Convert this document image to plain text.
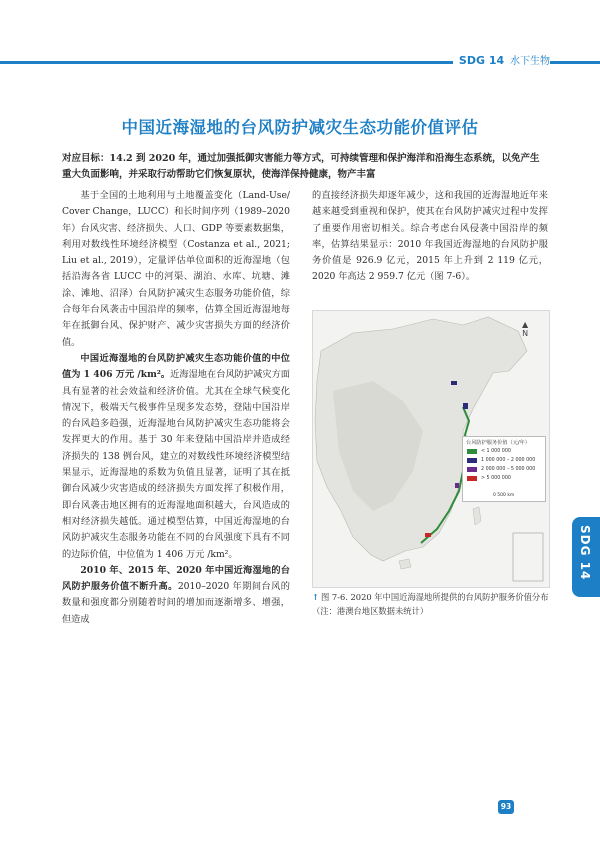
SDG 14 水下生物
中国近海湿地的台风防护减灾生态功能价值评估
对应目标：14.2 到 2020 年，通过加强抵御灾害能力等方式，可持续管理和保护海洋和沿海生态系统，以免产生重大负面影响，并采取行动帮助它们恢复原状，使海洋保持健康，物产丰富

基于全国的土地利用与土地覆盖变化（Land-Use/ Cover Change，LUCC）和长时间序列（1989–2020 年）台风灾害、经济损失、人口、GDP 等要素数据集，利用对数线性环境经济模型（Costanza et al., 2021; Liu et al., 2019），定量评估单位面积的近海湿地（包括沿海各省 LUCC 中的河渠、湖泊、水库、坑塘、滩涂、滩地、沼泽）台风防护减灾生态服务功能价值，综合每年台风袭击中国沿岸的频率，估算全国近海湿地每年在抵御台风、保护财产、减少灾害损失方面的经济价值。

中国近海湿地的台风防护减灾生态功能价值的中位值为 1 406 万元 /km²。近海湿地在台风防护减灾方面具有显著的社会效益和经济价值。尤其在全球气候变化情况下，极端天气极事件呈现多发态势，登陆中国沿岸的台风趋多趋强，近海湿地台风防护减灾生态功能将会发挥更大的作用。基于 30 年来登陆中国沿岸并造成经济损失的 138 例台风，建立的对数线性环境经济模型结果显示，近海湿地的系数为负值且显著，证明了其在抵御台风减少灾害造成的经济损失方面发挥了积极作用，即台风袭击地区拥有的近海湿地面积越大，台风造成的相对经济损失越低。通过模型估算，中国近海湿地的台风防护减灾生态服务功能在不同的台风强度下具有不同的边际价值，中位值为 1 406 万元 /km²。

2010 年、2015 年、2020 年中国近海湿地的台风防护服务价值不断升高。2010–2020 年期间台风的数量和强度都分别随着时间的增加而逐渐增多、增强，但造成

的直接经济损失却逐年减少，这和我国的近海湿地近年来越来越受到重视和保护，使其在台风防护减灾过程中发挥了重要作用密切相关。综合考虑台风侵袭中国沿岸的频率，估算结果显示：2010 年我国近海湿地的台风防护服务价值是 926.9 亿元，2015 年上升到 2 119 亿元，2020 年高达 2 959.7 亿元（图 7-6）。

▲
N
台风防护服务价值（元/年）
< 1 000 000
1 000 000 – 2 000 000
2 000 000 – 5 000 000
> 5 000 000
0 500 km
↑ 图 7-6. 2020 年中国近海湿地所提供的台风防护服务价值分布（注：港澳台地区数据未统计）
SDG 14
93
